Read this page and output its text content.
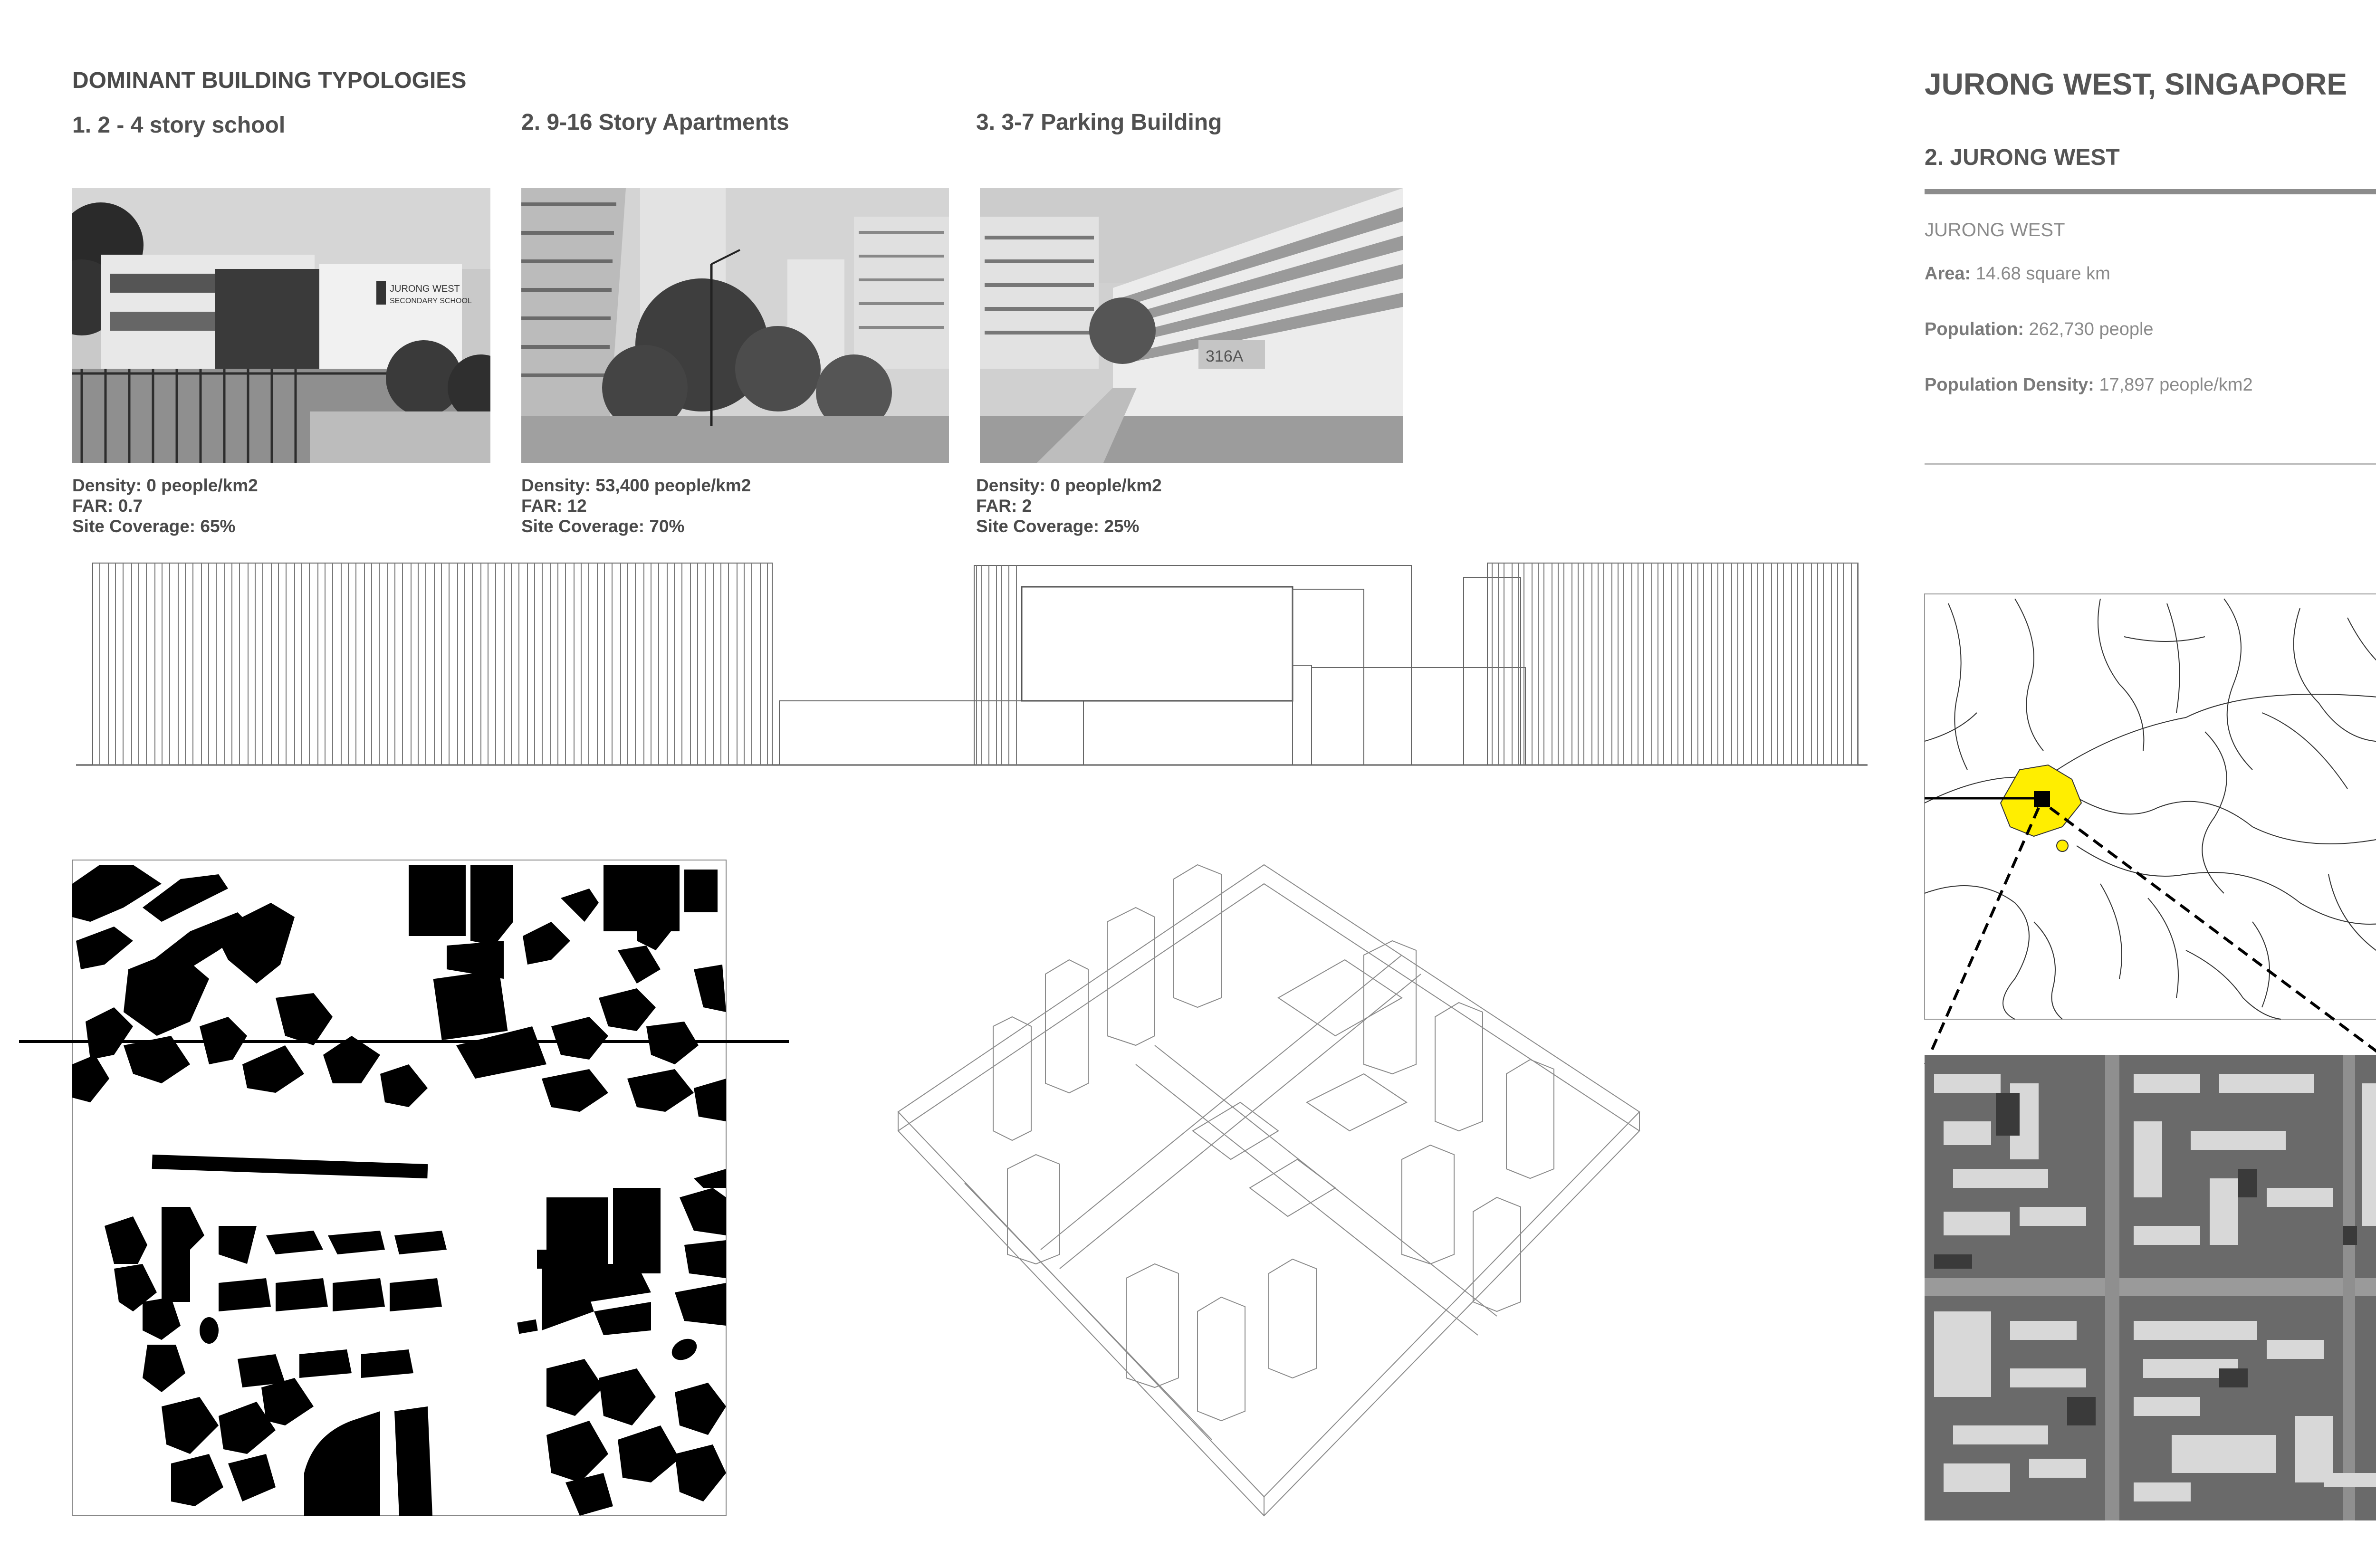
DOMINANT BUILDING TYPOLOGIES
1. 2 - 4 story school	2. 9-16 Story Apartments	3. 3-7 Parking Building
JURONG WEST
SECONDARY SCHOOL
316A
Density: 0 people/km2
FAR: 0.7
Site Coverage: 65%
Density: 53,400 people/km2
FAR: 12
Site Coverage: 70%
Density: 0 people/km2
FAR: 2
Site Coverage: 25%
JURONG WEST, SINGAPORE
2. JURONG WEST
JURONG WEST
Area: 14.68 square km
Population: 262,730 people
Population Density: 17,897 people/km2
